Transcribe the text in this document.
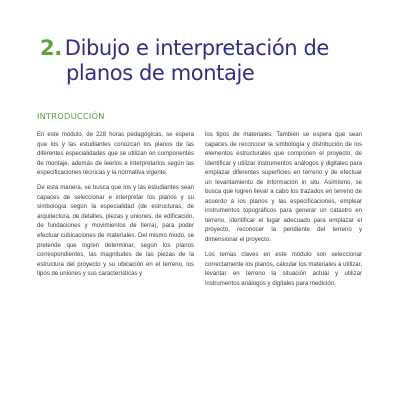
2. Dibujo e interpretación de
planos de montaje
INTRODUCCIÓN

En este módulo, de 228 horas pedagógicas, se espera que los y las estudiantes conozcan los planos de las diferentes especialidades que se utilizan en componentes de montaje, además de leerlos e interpretarlos según las especificaciones técnicas y la normativa vigente.

De esta manera, se busca que los y las estudiantes sean capaces de seleccionar e interpretar los planos y su simbología según la especialidad (de estructuras, de arquitectura, de detalles, piezas y uniones, de edificación, de fundaciones y movimientos de tierra), para poder efectuar cubicaciones de materiales. Del mismo modo, se pretende que logren determinar, según los planos correspondientes, las magnitudes de las piezas de la estructura del proyecto y su ubicación en el terreno, los tipos de uniones y sus características y

los tipos de materiales. También se espera que sean capaces de reconocer la simbología y distribución de los elementos estructurales que componen el proyecto, de identificar y utilizar instrumentos análogos y digitales para emplazar diferentes superficies en terreno y de efectuar un levantamiento de información in situ. Asimismo, se busca que logren llevar a cabo los trazados en terreno de acuerdo a los planos y las especificaciones, emplear instrumentos topográficos para generar un catastro en terreno, identificar el lugar adecuado para emplazar el proyecto, reconocer la pendiente del terreno y dimensionar el proyecto.

Los temas claves en este módulo son seleccionar correctamente los planos, calcular los materiales a utilizar, levantar en terreno la situación actual y utilizar instrumentos análogos y digitales para medición.
